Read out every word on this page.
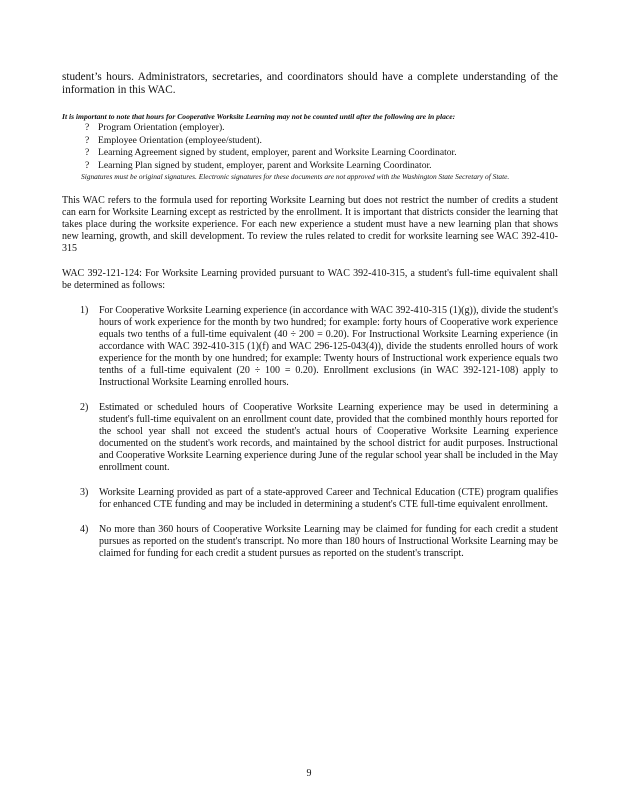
student’s hours. Administrators, secretaries, and coordinators should have a complete understanding of the information in this WAC.

It is important to note that hours for Cooperative Worksite Learning may not be counted until after the following are in place:

? Program Orientation (employer).
? Employee Orientation (employee/student).
? Learning Agreement signed by student, employer, parent and Worksite Learning Coordinator.
? Learning Plan signed by student, employer, parent and Worksite Learning Coordinator.

Signatures must be original signatures. Electronic signatures for these documents are not approved with the Washington State Secretary of State.

This WAC refers to the formula used for reporting Worksite Learning but does not restrict the number of credits a student can earn for Worksite Learning except as restricted by the enrollment. It is important that districts consider the learning that takes place during the worksite experience. For each new experience a student must have a new learning plan that shows new learning, growth, and skill development. To review the rules related to credit for worksite learning see WAC 392-410-315

WAC 392-121-124: For Worksite Learning provided pursuant to WAC 392-410-315, a student's full-time equivalent shall be determined as follows:

1) For Cooperative Worksite Learning experience (in accordance with WAC 392-410-315 (1)(g)), divide the student's hours of work experience for the month by two hundred; for example: forty hours of Cooperative work experience equals two tenths of a full-time equivalent (40 ÷ 200 = 0.20). For Instructional Worksite Learning experience (in accordance with WAC 392-410-315 (1)(f) and WAC 296-125-043(4)), divide the students enrolled hours of work experience for the month by one hundred; for example: Twenty hours of Instructional work experience equals two tenths of a full-time equivalent (20 ÷ 100 = 0.20). Enrollment exclusions (in WAC 392-121-108) apply to Instructional Worksite Learning enrolled hours.
2) Estimated or scheduled hours of Cooperative Worksite Learning experience may be used in determining a student's full-time equivalent on an enrollment count date, provided that the combined monthly hours reported for the school year shall not exceed the student's actual hours of Cooperative Worksite Learning experience documented on the student's work records, and maintained by the school district for audit purposes. Instructional and Cooperative Worksite Learning experience during June of the regular school year shall be included in the May enrollment count.
3) Worksite Learning provided as part of a state-approved Career and Technical Education (CTE) program qualifies for enhanced CTE funding and may be included in determining a student's CTE full-time equivalent enrollment.
4) No more than 360 hours of Cooperative Worksite Learning may be claimed for funding for each credit a student pursues as reported on the student's transcript. No more than 180 hours of Instructional Worksite Learning may be claimed for funding for each credit a student pursues as reported on the student's transcript.
9
